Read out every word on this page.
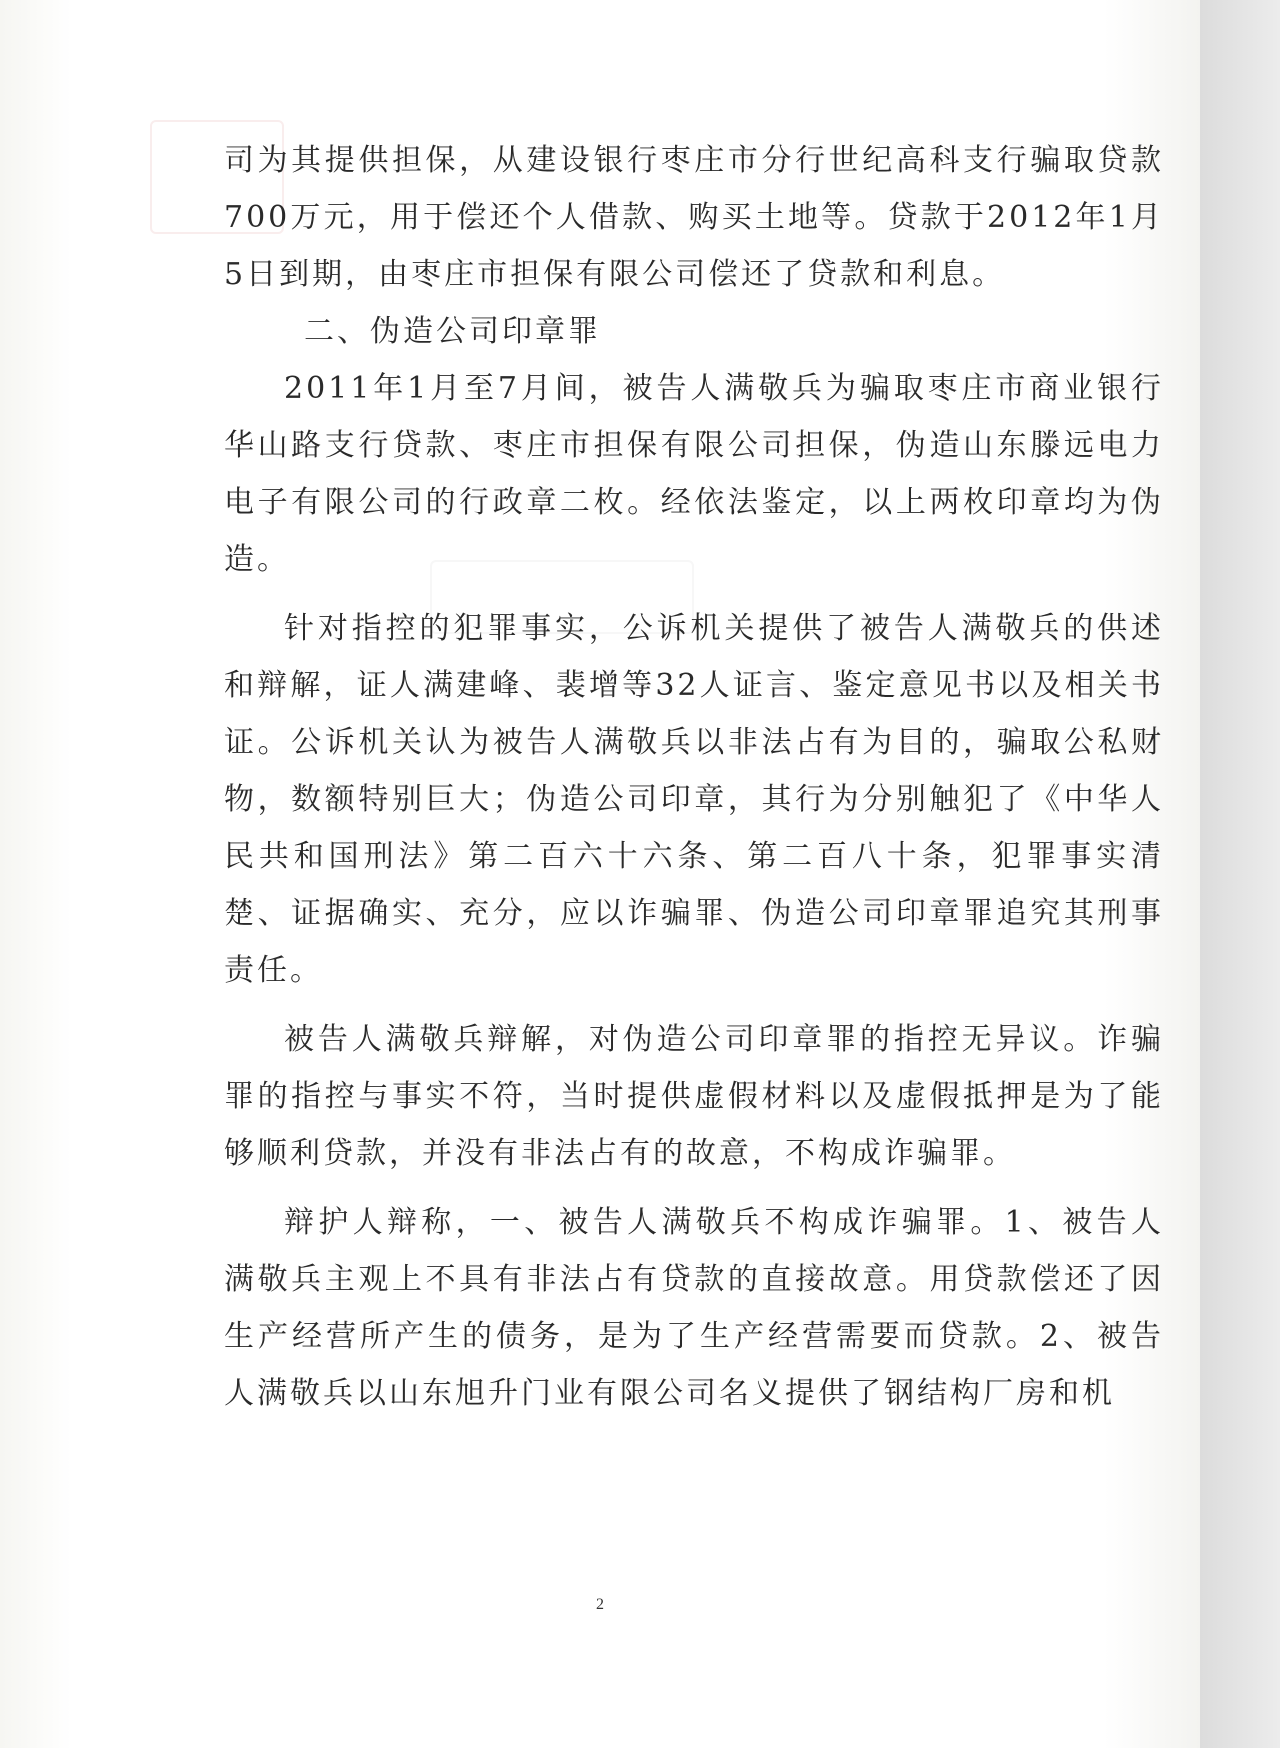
司为其提供担保，从建设银行枣庄市分行世纪高科支行骗取贷款700万元，用于偿还个人借款、购买土地等。贷款于2012年1月5日到期，由枣庄市担保有限公司偿还了贷款和利息。

二、伪造公司印章罪

2011年1月至7月间，被告人满敬兵为骗取枣庄市商业银行华山路支行贷款、枣庄市担保有限公司担保，伪造山东滕远电力电子有限公司的行政章二枚。经依法鉴定，以上两枚印章均为伪造。

针对指控的犯罪事实，公诉机关提供了被告人满敬兵的供述和辩解，证人满建峰、裴增等32人证言、鉴定意见书以及相关书证。公诉机关认为被告人满敬兵以非法占有为目的，骗取公私财物，数额特别巨大；伪造公司印章，其行为分别触犯了《中华人民共和国刑法》第二百六十六条、第二百八十条，犯罪事实清楚、证据确实、充分，应以诈骗罪、伪造公司印章罪追究其刑事责任。

被告人满敬兵辩解，对伪造公司印章罪的指控无异议。诈骗罪的指控与事实不符，当时提供虚假材料以及虚假抵押是为了能够顺利贷款，并没有非法占有的故意，不构成诈骗罪。

辩护人辩称，一、被告人满敬兵不构成诈骗罪。1、被告人满敬兵主观上不具有非法占有贷款的直接故意。用贷款偿还了因生产经营所产生的债务，是为了生产经营需要而贷款。2、被告人满敬兵以山东旭升门业有限公司名义提供了钢结构厂房和机

2
